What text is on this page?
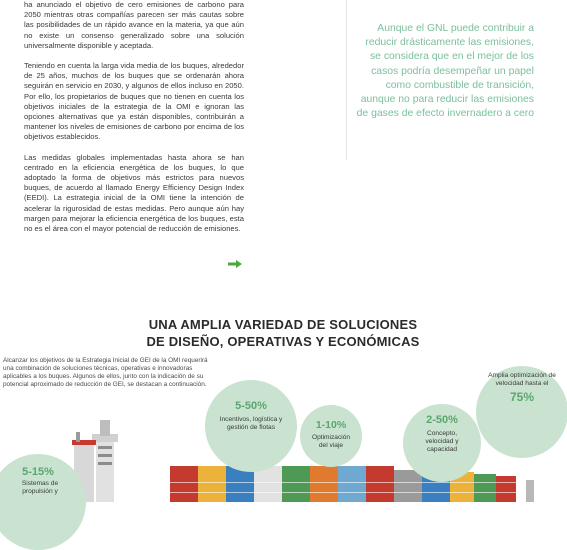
ha anunciado el objetivo de cero emisiones de carbono para 2050 mientras otras compañías parecen ser más cautas sobre las posibilidades de un rápido avance en la materia, ya que aún no existe un consenso generalizado sobre una solución universalmente disponible y aceptada.

Teniendo en cuenta la larga vida media de los buques, alrededor de 25 años, muchos de los buques que se ordenarán ahora seguirán en servicio en 2030, y algunos de ellos incluso en 2050. Por ello, los propietarios de buques que no tienen en cuenta los objetivos iniciales de la estrategia de la OMI e ignoran las opciones alternativas que ya están disponibles, contribuirán a mantener los niveles de emisiones de carbono por encima de los objetivos establecidos.

Las medidas globales implementadas hasta ahora se han centrado en la eficiencia energética de los buques, lo que adoptado la forma de objetivos más estrictos para nuevos buques, de acuerdo al llamado Energy Efficiency Design Index (EEDI). La estrategia inicial de la OMI tiene la intención de acelerar la rigurosidad de estas medidas. Pero aunque aún hay margen para mejorar la eficiencia energética de los buques, esta no es el área con el mayor potencial de reducción de emisiones.

Aunque el GNL puede contribuir a reducir drásticamente las emisiones, se considera que en el mejor de los casos podría desempeñar un papel como combustible de transición, aunque no para reducir las emisiones de gases de efecto invernadero a cero

UNA AMPLIA VARIEDAD DE SOLUCIONES
DE DISEÑO, OPERATIVAS Y ECONÓMICAS

Alcanzar los objetivos de la Estrategia Inicial de GEI de la OMI requerirá una combinación de soluciones técnicas, operativas e innovadoras aplicables a los buques. Algunos de ellos, junto con la indicación de su potencial aproximado de reducción de GEI, se destacan a continuación.

5-15%
Sistemas de propulsión y
5-50%
Incentivos, logística y gestión de flotas	1-10%
Optimización del viaje
2-50%
Concepto, velocidad y capacidad
Amplia optimización de velocidad hasta el
75%
